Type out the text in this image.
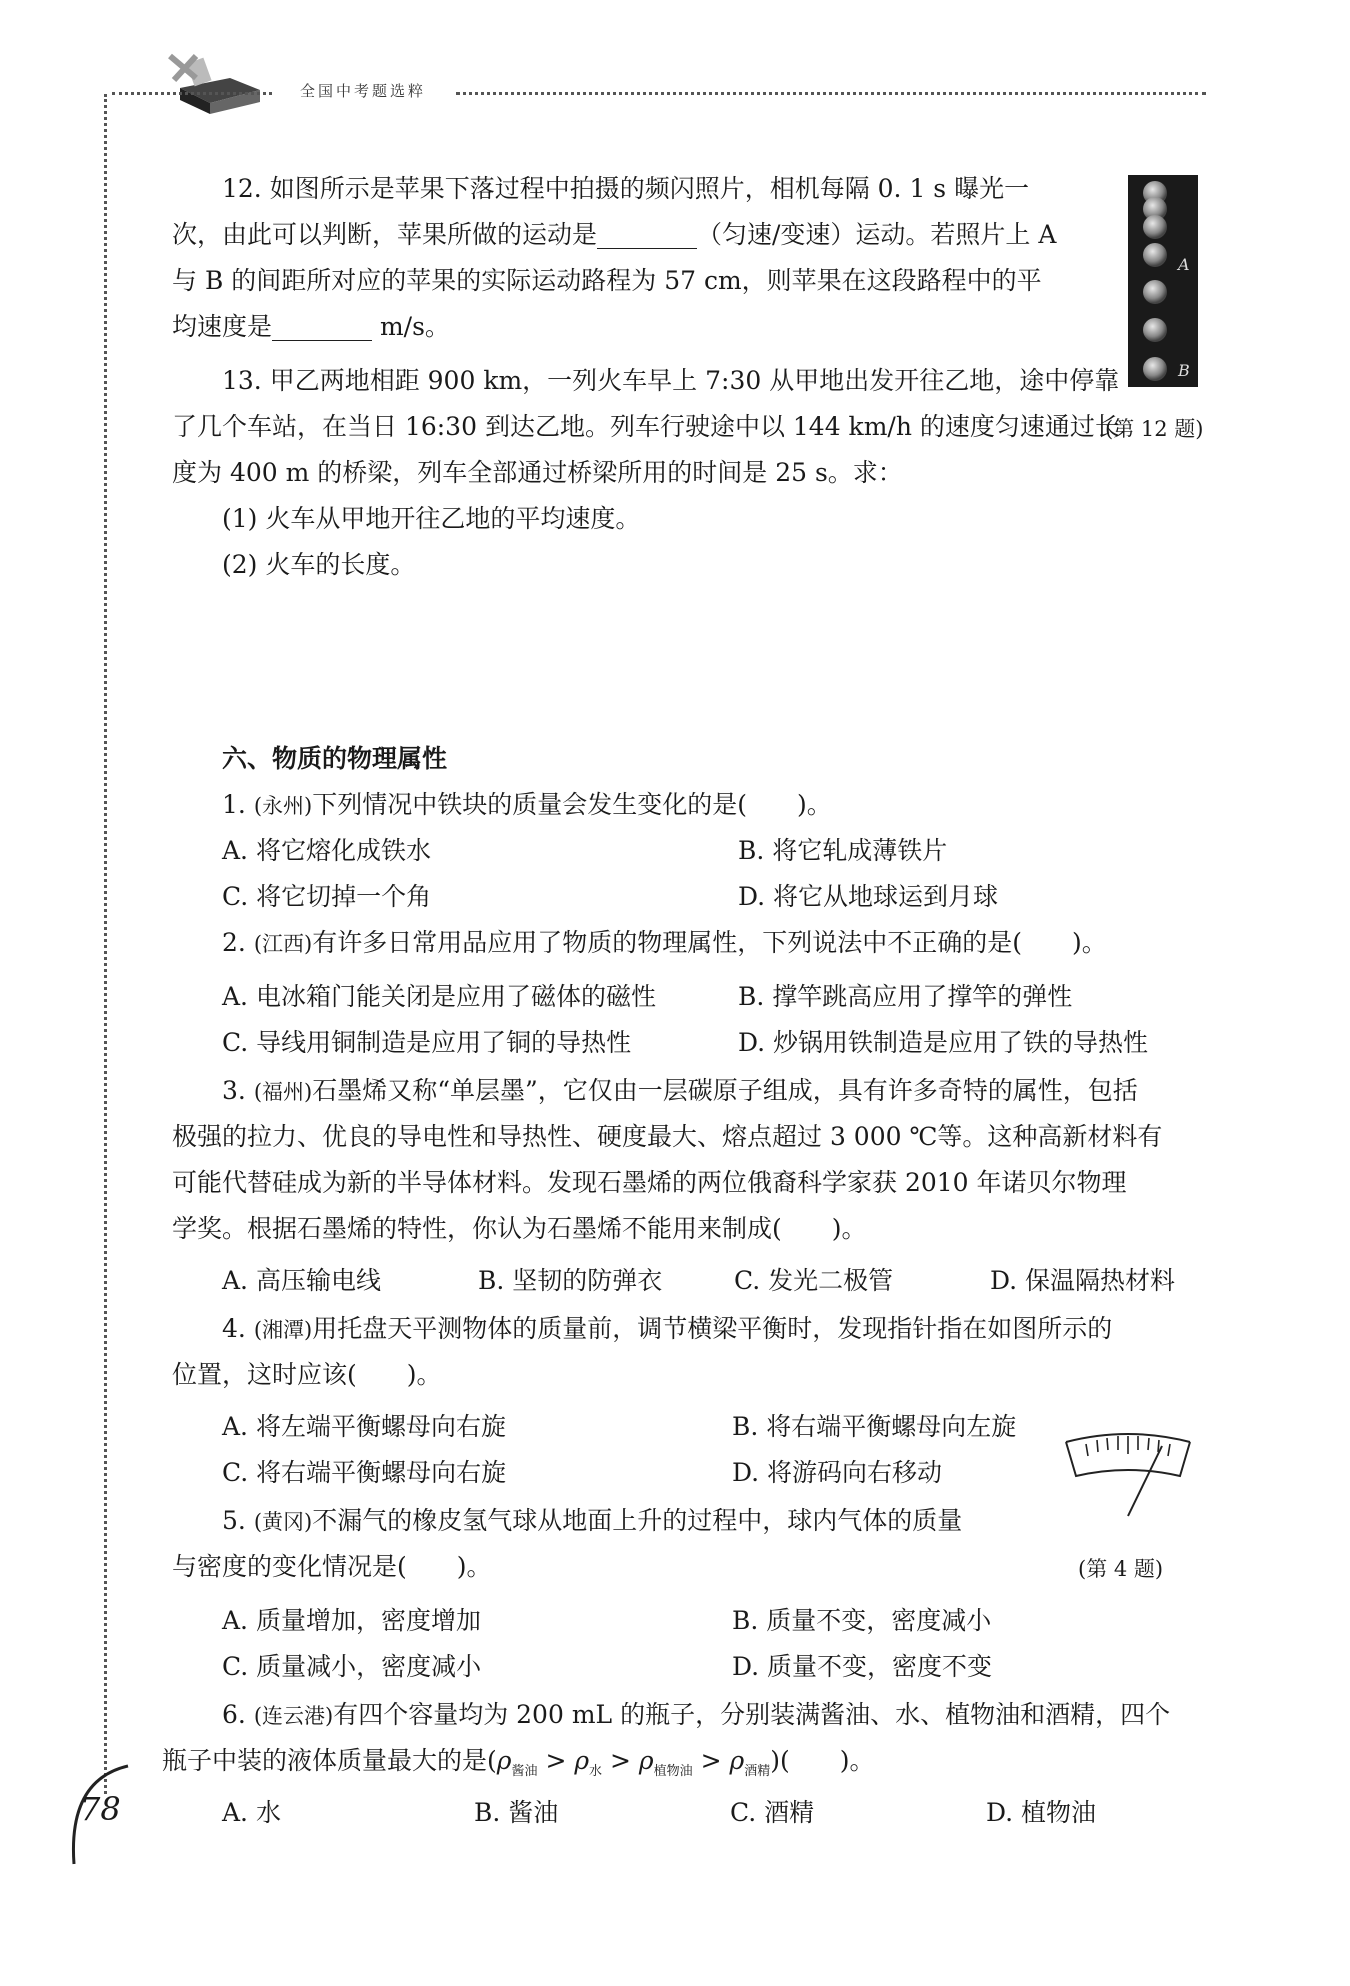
全国中考题选粹
12. 如图所示是苹果下落过程中拍摄的频闪照片，相机每隔 0. 1 s 曝光一
次，由此可以判断，苹果所做的运动是________（匀速/变速）运动。若照片上 A
与 B 的间距所对应的苹果的实际运动路程为 57 cm，则苹果在这段路程中的平
均速度是________ m/s。
A
B
13. 甲乙两地相距 900 km，一列火车早上 7:30 从甲地出发开往乙地，途中停靠
了几个车站，在当日 16:30 到达乙地。列车行驶途中以 144 km/h 的速度匀速通过长
(第 12 题)
度为 400 m 的桥梁，列车全部通过桥梁所用的时间是 25 s。求：
(1) 火车从甲地开往乙地的平均速度。
(2) 火车的长度。
六、物质的物理属性
1. (永州)下列情况中铁块的质量会发生变化的是(　　)。
A. 将它熔化成铁水	B. 将它轧成薄铁片
C. 将它切掉一个角	D. 将它从地球运到月球
2. (江西)有许多日常用品应用了物质的物理属性，下列说法中不正确的是(　　)。
A. 电冰箱门能关闭是应用了磁体的磁性	B. 撑竿跳高应用了撑竿的弹性
C. 导线用铜制造是应用了铜的导热性	D. 炒锅用铁制造是应用了铁的导热性
3. (福州)石墨烯又称“单层墨”，它仅由一层碳原子组成，具有许多奇特的属性，包括
极强的拉力、优良的导电性和导热性、硬度最大、熔点超过 3 000 ℃等。这种高新材料有
可能代替硅成为新的半导体材料。发现石墨烯的两位俄裔科学家获 2010 年诺贝尔物理
学奖。根据石墨烯的特性，你认为石墨烯不能用来制成(　　)。
A. 高压输电线	B. 坚韧的防弹衣	C. 发光二极管	D. 保温隔热材料
4. (湘潭)用托盘天平测物体的质量前，调节横梁平衡时，发现指针指在如图所示的
位置，这时应该(　　)。
A. 将左端平衡螺母向右旋	B. 将右端平衡螺母向左旋
C. 将右端平衡螺母向右旋	D. 将游码向右移动
5. (黄冈)不漏气的橡皮氢气球从地面上升的过程中，球内气体的质量
与密度的变化情况是(　　)。	(第 4 题)
A. 质量增加，密度增加	B. 质量不变，密度减小
C. 质量减小，密度减小	D. 质量不变，密度不变
6. (连云港)有四个容量均为 200 mL 的瓶子，分别装满酱油、水、植物油和酒精，四个
瓶子中装的液体质量最大的是$(\rho_{酱油} > \rho_水 > \rho_{植物油} > \rho_{酒精})$(　　)。
A. 水	B. 酱油	C. 酒精	D. 植物油
78
